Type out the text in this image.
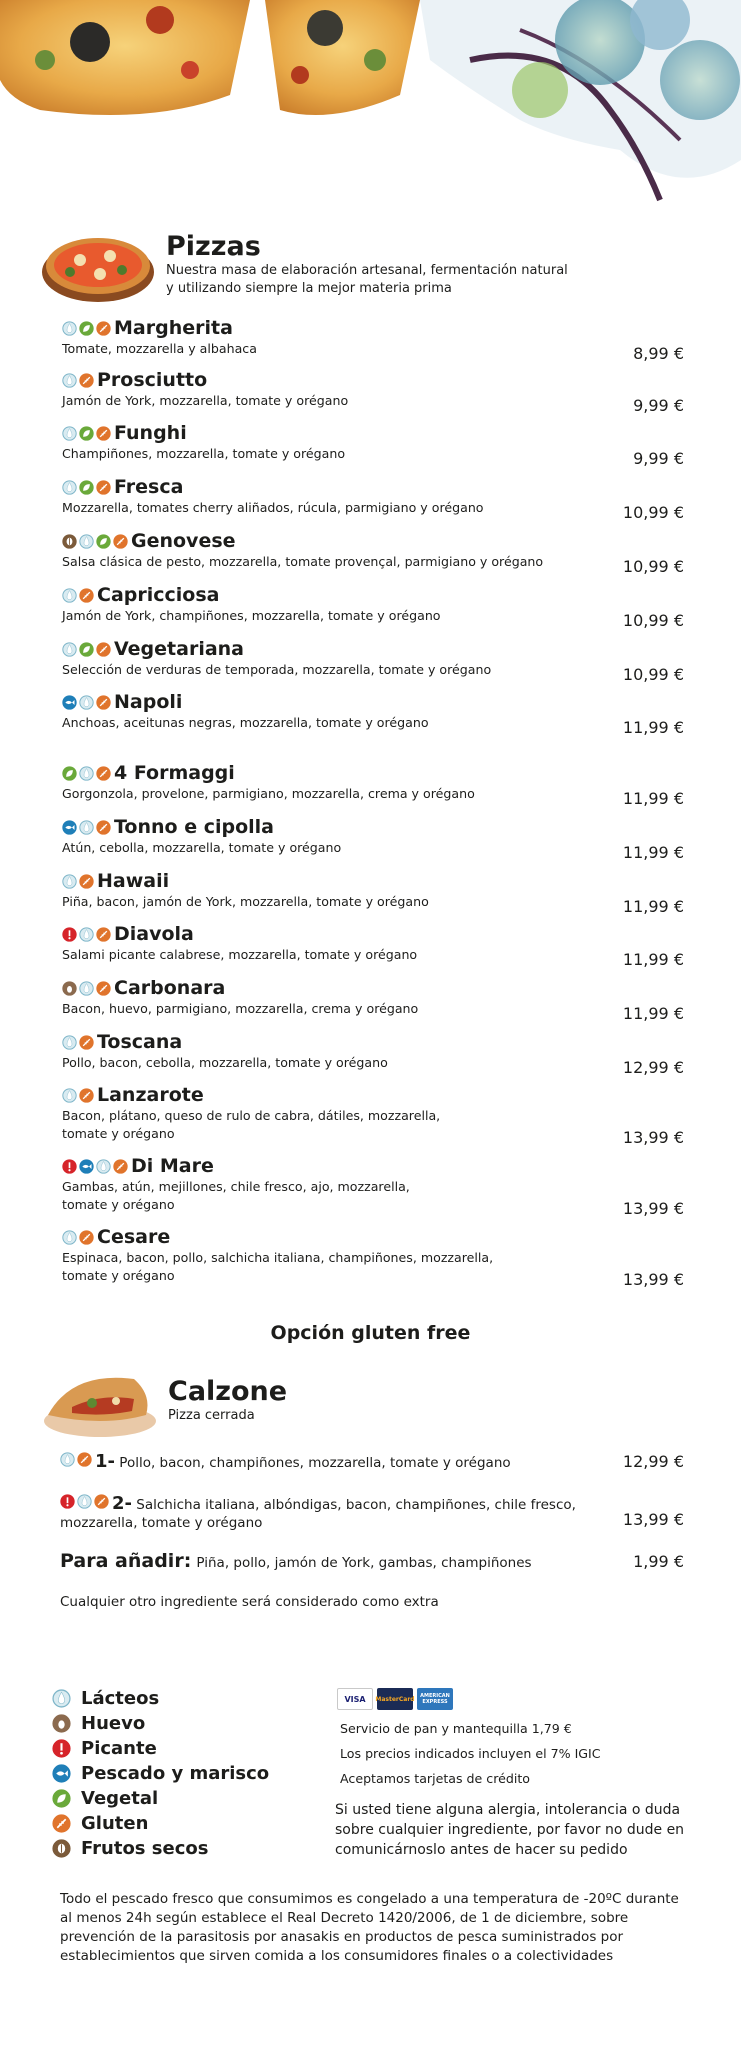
Pizzas
Nuestra masa de elaboración artesanal, fermentación natural
y utilizando siempre la mejor materia prima
Margherita
Tomate, mozzarella y albahaca	8,99 €
Prosciutto
Jamón de York, mozzarella, tomate y orégano	9,99 €
Funghi
Champiñones, mozzarella, tomate y orégano	9,99 €
Fresca
Mozzarella, tomates cherry aliñados, rúcula, parmigiano y orégano	10,99 €
Genovese
Salsa clásica de pesto, mozzarella, tomate provençal, parmigiano y orégano	10,99 €
Capricciosa
Jamón de York, champiñones, mozzarella, tomate y orégano	10,99 €
Vegetariana
Selección de verduras de temporada, mozzarella, tomate y orégano	10,99 €
Napoli
Anchoas, aceitunas negras, mozzarella, tomate y orégano	11,99 €
4 Formaggi
Gorgonzola, provelone, parmigiano, mozzarella, crema y orégano	11,99 €
Tonno e cipolla
Atún, cebolla, mozzarella, tomate y orégano	11,99 €
Hawaii
Piña, bacon, jamón de York, mozzarella, tomate y orégano	11,99 €
Diavola
Salami picante calabrese, mozzarella, tomate y orégano	11,99 €
Carbonara
Bacon, huevo, parmigiano, mozzarella, crema y orégano	11,99 €
Toscana
Pollo, bacon, cebolla, mozzarella, tomate y orégano	12,99 €
Lanzarote
Bacon, plátano, queso de rulo de cabra, dátiles, mozzarella, tomate y orégano	13,99 €
Di Mare
Gambas, atún, mejillones, chile fresco, ajo, mozzarella, tomate y orégano	13,99 €
Cesare
Espinaca, bacon, pollo, salchicha italiana, champiñones, mozzarella, tomate y orégano	13,99 €
Opción gluten free
Calzone
Pizza cerrada
1- Pollo, bacon, champiñones, mozzarella, tomate y orégano	12,99 €
2- Salchicha italiana, albóndigas, bacon, champiñones, chile fresco, mozzarella, tomate y orégano	13,99 €
Para añadir: Piña, pollo, jamón de York, gambas, champiñones	1,99 €
Cualquier otro ingrediente será considerado como extra
Lácteos
Huevo
Picante
Pescado y marisco
Vegetal
Gluten
Frutos secos
VISA	MasterCard	AMERICAN EXPRESS
Servicio de pan y mantequilla 1,79 €
Los precios indicados incluyen el 7% IGIC
Aceptamos tarjetas de crédito
Si usted tiene alguna alergia, intolerancia o duda sobre cualquier ingrediente, por favor no dude en comunicárnoslo antes de hacer su pedido
Todo el pescado fresco que consumimos es congelado a una temperatura de -20ºC durante al menos 24h según establece el Real Decreto 1420/2006, de 1 de diciembre, sobre prevención de la parasitosis por anasakis en productos de pesca suministrados por establecimientos que sirven comida a los consumidores finales o a colectividades
